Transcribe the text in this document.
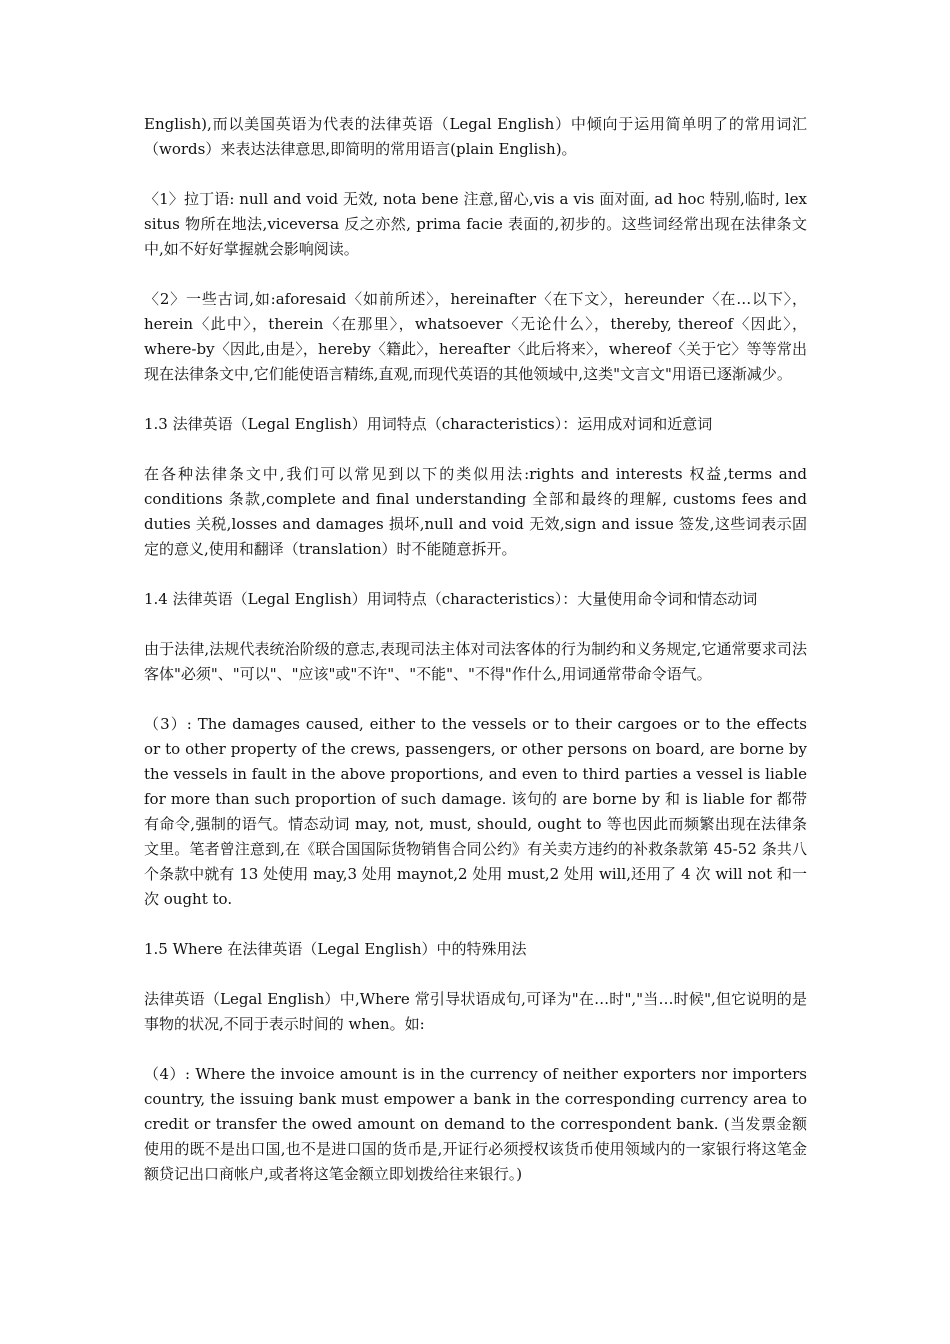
English),而以美国英语为代表的法律英语（Legal English）中倾向于运用简单明了的常用词汇（words）来表达法律意思,即简明的常用语言(plain English)。

〈1〉拉丁语: null and void 无效, nota bene 注意,留心,vis a vis 面对面, ad hoc 特别,临时, lex situs 物所在地法,viceversa 反之亦然, prima facie 表面的,初步的。这些词经常出现在法律条文中,如不好好掌握就会影响阅读。

〈2〉一些古词,如:aforesaid〈如前所述〉，hereinafter〈在下文〉，hereunder〈在…以下〉，herein〈此中〉，therein〈在那里〉，whatsoever〈无论什么〉，thereby, thereof〈因此〉，where-by〈因此,由是〉，hereby〈籍此〉，hereafter〈此后将来〉，whereof〈关于它〉等等常出现在法律条文中,它们能使语言精练,直观,而现代英语的其他领域中,这类"文言文"用语已逐渐减少。

1.3 法律英语（Legal English）用词特点（characteristics）：运用成对词和近意词

在各种法律条文中,我们可以常见到以下的类似用法:rights and interests 权益,terms and conditions 条款,complete and final understanding 全部和最终的理解, customs fees and duties 关税,losses and damages 损坏,null and void 无效,sign and issue 签发,这些词表示固定的意义,使用和翻译（translation）时不能随意拆开。

1.4 法律英语（Legal English）用词特点（characteristics）：大量使用命令词和情态动词

由于法律,法规代表统治阶级的意志,表现司法主体对司法客体的行为制约和义务规定,它通常要求司法客体"必须"、"可以"、"应该"或"不许"、"不能"、"不得"作什么,用词通常带命令语气。

（3）: The damages caused, either to the vessels or to their cargoes or to the effects or to other property of the crews, passengers, or other persons on board, are borne by the vessels in fault in the above proportions, and even to third parties a vessel is liable for more than such proportion of such damage. 该句的 are borne by 和 is liable for 都带有命令,强制的语气。情态动词 may, not, must, should, ought to 等也因此而频繁出现在法律条文里。笔者曾注意到,在《联合国国际货物销售合同公约》有关卖方违约的补救条款第 45-52 条共八个条款中就有 13 处使用 may,3 处用 maynot,2 处用 must,2 处用 will,还用了 4 次 will not 和一次 ought to.

1.5 Where 在法律英语（Legal English）中的特殊用法

法律英语（Legal English）中,Where 常引导状语成句,可译为"在…时","当…时候",但它说明的是事物的状况,不同于表示时间的 when。如:

（4）: Where the invoice amount is in the currency of neither exporters nor importers country, the issuing bank must empower a bank in the corresponding currency area to credit or transfer the owed amount on demand to the correspondent bank. (当发票金额使用的既不是出口国,也不是进口国的货币是,开证行必须授权该货币使用领域内的一家银行将这笔金额贷记出口商帐户,或者将这笔金额立即划拨给往来银行。)
